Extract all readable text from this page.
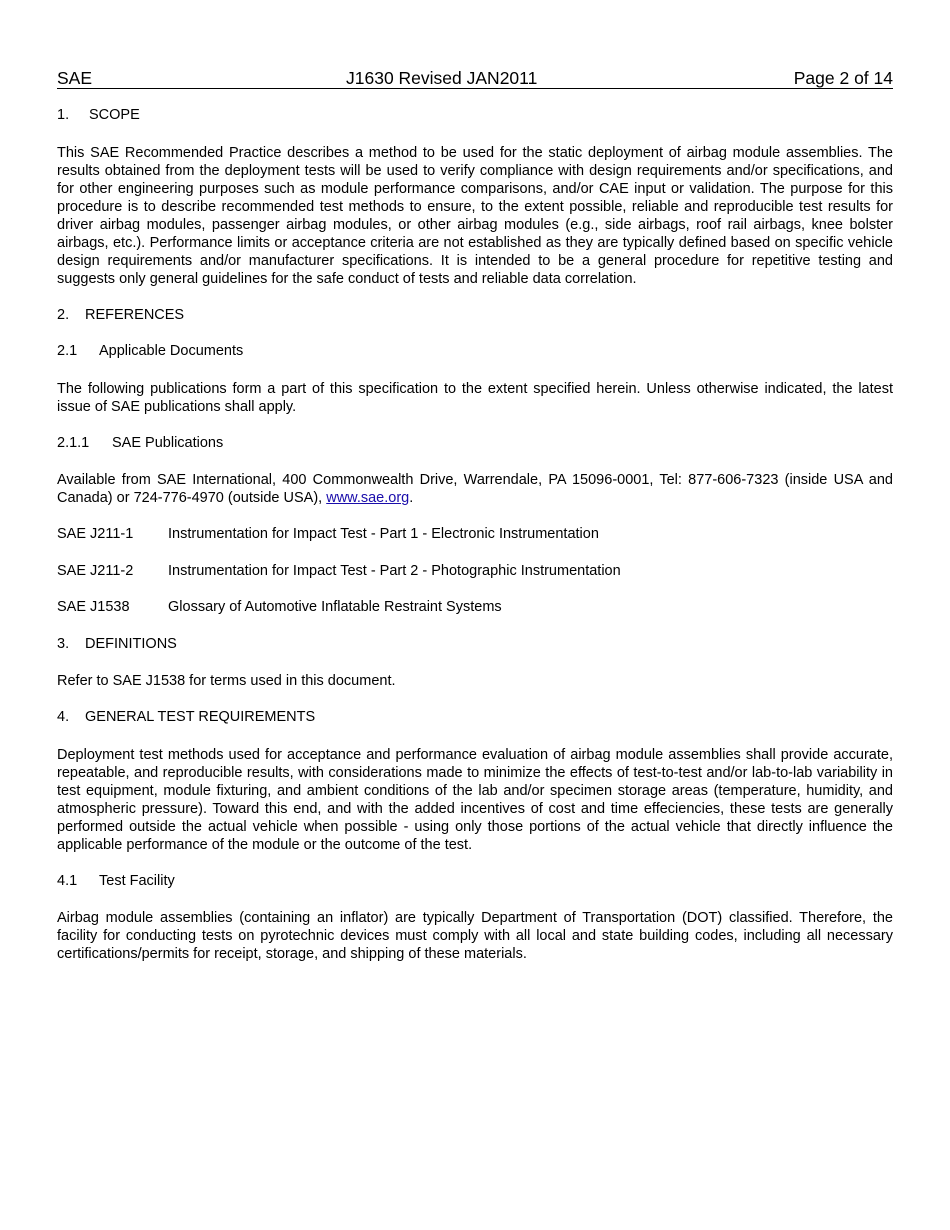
SAE	J1630 Revised JAN2011	Page 2 of 14
1. SCOPE

This SAE Recommended Practice describes a method to be used for the static deployment of airbag module assemblies. The results obtained from the deployment tests will be used to verify compliance with design requirements and/or specifications, and for other engineering purposes such as module performance comparisons, and/or CAE input or validation. The purpose for this procedure is to describe recommended test methods to ensure, to the extent possible, reliable and reproducible test results for driver airbag modules, passenger airbag modules, or other airbag modules (e.g., side airbags, roof rail airbags, knee bolster airbags, etc.). Performance limits or acceptance criteria are not established as they are typically defined based on specific vehicle design requirements and/or manufacturer specifications. It is intended to be a general procedure for repetitive testing and suggests only general guidelines for the safe conduct of tests and reliable data correlation.

2. REFERENCES
2.1 Applicable Documents

The following publications form a part of this specification to the extent specified herein. Unless otherwise indicated, the latest issue of SAE publications shall apply.

2.1.1 SAE Publications

Available from SAE International, 400 Commonwealth Drive, Warrendale, PA 15096-0001, Tel: 877-606-7323 (inside USA and Canada) or 724-776-4970 (outside USA), www.sae.org.

SAE J211-1 Instrumentation for Impact Test - Part 1 - Electronic Instrumentation
SAE J211-2 Instrumentation for Impact Test - Part 2 - Photographic Instrumentation
SAE J1538	Glossary of Automotive Inflatable Restraint Systems
3. DEFINITIONS

Refer to SAE J1538 for terms used in this document.

4. GENERAL TEST REQUIREMENTS

Deployment test methods used for acceptance and performance evaluation of airbag module assemblies shall provide accurate, repeatable, and reproducible results, with considerations made to minimize the effects of test-to-test and/or lab-to-lab variability in test equipment, module fixturing, and ambient conditions of the lab and/or specimen storage areas (temperature, humidity, and atmospheric pressure). Toward this end, and with the added incentives of cost and time effeciencies, these tests are generally performed outside the actual vehicle when possible - using only those portions of the actual vehicle that directly influence the applicable performance of the module or the outcome of the test.

4.1 Test Facility

Airbag module assemblies (containing an inflator) are typically Department of Transportation (DOT) classified. Therefore, the facility for conducting tests on pyrotechnic devices must comply with all local and state building codes, including all necessary certifications/permits for receipt, storage, and shipping of these materials.
